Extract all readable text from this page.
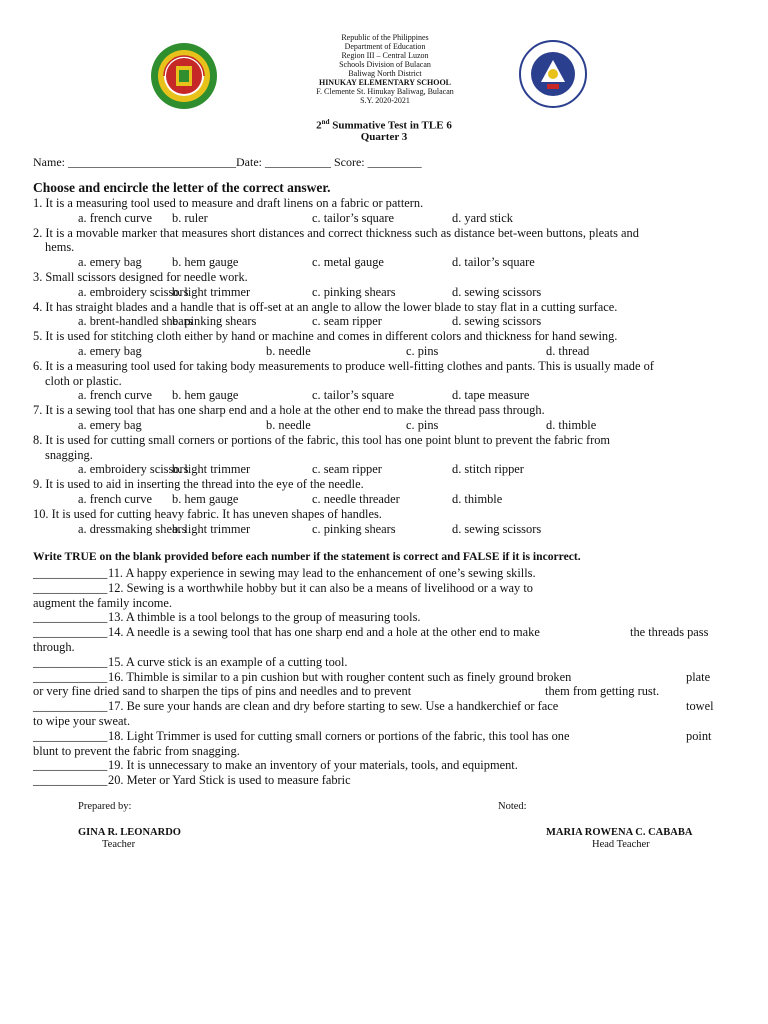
Republic of the Philippines
Department of Education
Region III – Central Luzon
Schools Division of Bulacan
Baliwag North District
HINUKAY ELEMENTARY SCHOOL
F. Clemente St. Hinukay Baliwag, Bulacan
S.Y. 2020-2021
2nd Summative Test in TLE 6
Quarter 3
Name: ____________________________Date: ___________ Score: _________
Choose and encircle the letter of the correct answer.
1. It is a measuring tool used to measure and draft linens on a fabric or pattern.
a. french curve b. ruler	c. tailor’s square	d. yard stick
2. It is a movable marker that measures short distances and correct thickness such as distance bet-ween buttons, pleats and
hems.
a. emery bag b. hem gauge	c. metal gauge	d. tailor’s square
3. Small scissors designed for needle work.
a. embroidery scissors
b. light trimmer	c. pinking shears	d. sewing scissors
4. It has straight blades and a handle that is off-set at an angle to allow the lower blade to stay flat in a cutting surface.
a. brent-handled shears
b. pinking shears	c. seam ripper	d. sewing scissors
5. It is used for stitching cloth either by hand or machine and comes in different colors and thickness for hand sewing.
a. emery bag	b. needle	c. pins	d. thread
6. It is a measuring tool used for taking body measurements to produce well-fitting clothes and pants. This is usually made of
cloth or plastic.
a. french curve b. hem gauge	c. tailor’s square	d. tape measure
7. It is a sewing tool that has one sharp end and a hole at the other end to make the thread pass through.
a. emery bag	b. needle	c. pins	d. thimble
8. It is used for cutting small corners or portions of the fabric, this tool has one point blunt to prevent the fabric from
snagging.
a. embroidery scissors
b. light trimmer	c. seam ripper	d. stitch ripper
9. It is used to aid in inserting the thread into the eye of the needle.
a. french curve b. hem gauge	c. needle threader	d. thimble
10. It is used for cutting heavy fabric. It has uneven shapes of handles.
a. dressmaking shears
b. light trimmer	c. pinking shears	d. sewing scissors
Write TRUE on the blank provided before each number if the statement is correct and FALSE if it is incorrect.
____________ 11. A happy experience in sewing may lead to the enhancement of one’s sewing skills.
____________ 12. Sewing is a worthwhile hobby but it can also be a means of livelihood or a way to
augment the family income.
____________ 13. A thimble is a tool belongs to the group of measuring tools.
____________ 14. A needle is a sewing tool that has one sharp end and a hole at the other end to make	the threads pass
through.
____________ 15. A curve stick is an example of a cutting tool.
____________ 16. Thimble is similar to a pin cushion but with rougher content such as finely ground broken	plate
or very fine dried sand to sharpen the tips of pins and needles and to prevent	them from getting rust.
____________ 17. Be sure your hands are clean and dry before starting to sew. Use a handkerchief or face	towel
to wipe your sweat.
____________ 18. Light Trimmer is used for cutting small corners or portions of the fabric, this tool has one	point
blunt to prevent the fabric from snagging.
____________ 19. It is unnecessary to make an inventory of your materials, tools, and equipment.
____________ 20. Meter or Yard Stick is used to measure fabric
Prepared by:	Noted:
GINA R. LEONARDO
Teacher
MARIA ROWENA C. CABABA
Head Teacher
